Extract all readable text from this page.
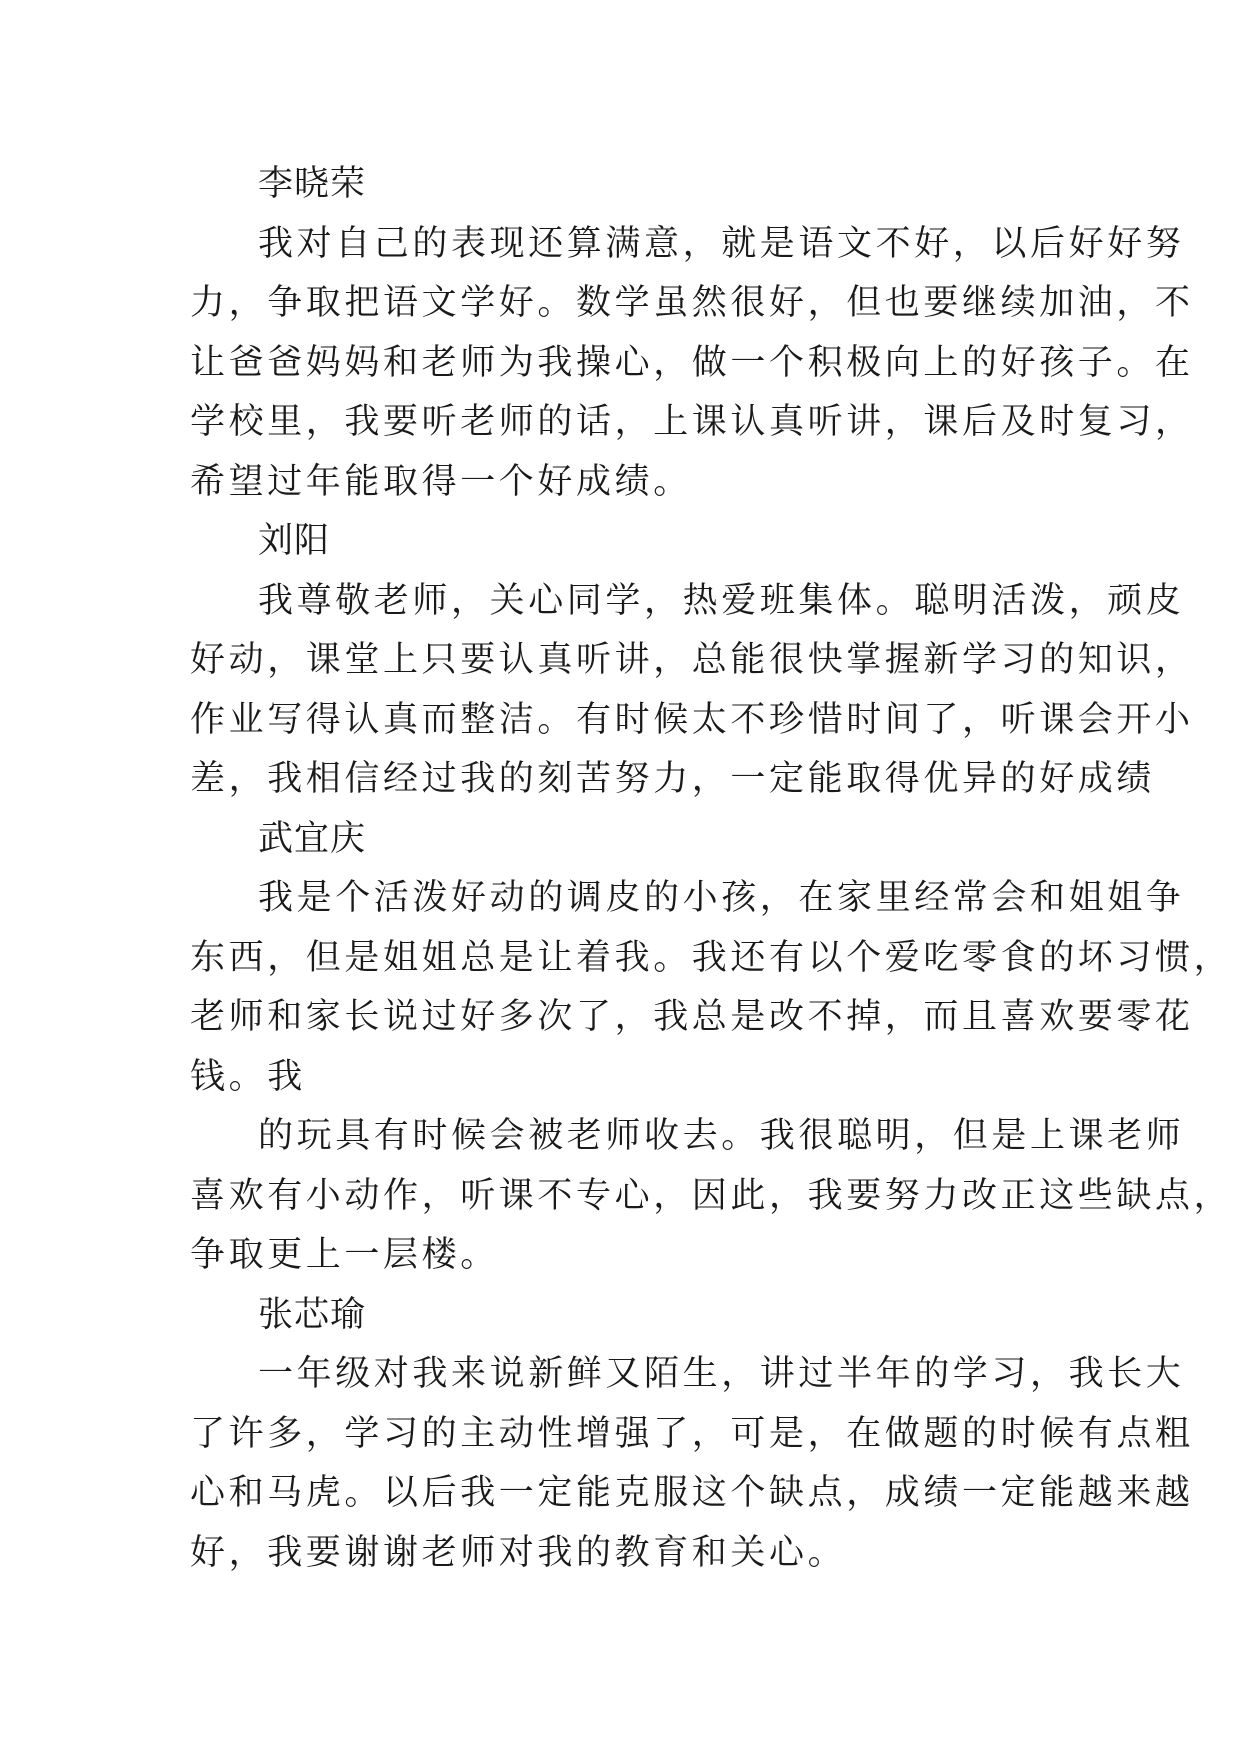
李晓荣
我对自己的表现还算满意，就是语文不好，以后好好努
力，争取把语文学好。数学虽然很好，但也要继续加油，不
让爸爸妈妈和老师为我操心，做一个积极向上的好孩子。在
学校里，我要听老师的话，上课认真听讲，课后及时复习，
希望过年能取得一个好成绩。
刘阳
我尊敬老师，关心同学，热爱班集体。聪明活泼，顽皮
好动，课堂上只要认真听讲，总能很快掌握新学习的知识，
作业写得认真而整洁。有时候太不珍惜时间了，听课会开小
差，我相信经过我的刻苦努力，一定能取得优异的好成绩
武宜庆
我是个活泼好动的调皮的小孩，在家里经常会和姐姐争
东西，但是姐姐总是让着我。我还有以个爱吃零食的坏习惯，
老师和家长说过好多次了，我总是改不掉，而且喜欢要零花
钱。我
的玩具有时候会被老师收去。我很聪明，但是上课老师
喜欢有小动作，听课不专心，因此，我要努力改正这些缺点，
争取更上一层楼。
张芯瑜
一年级对我来说新鲜又陌生，讲过半年的学习，我长大
了许多，学习的主动性增强了，可是，在做题的时候有点粗
心和马虎。以后我一定能克服这个缺点，成绩一定能越来越
好，我要谢谢老师对我的教育和关心。
